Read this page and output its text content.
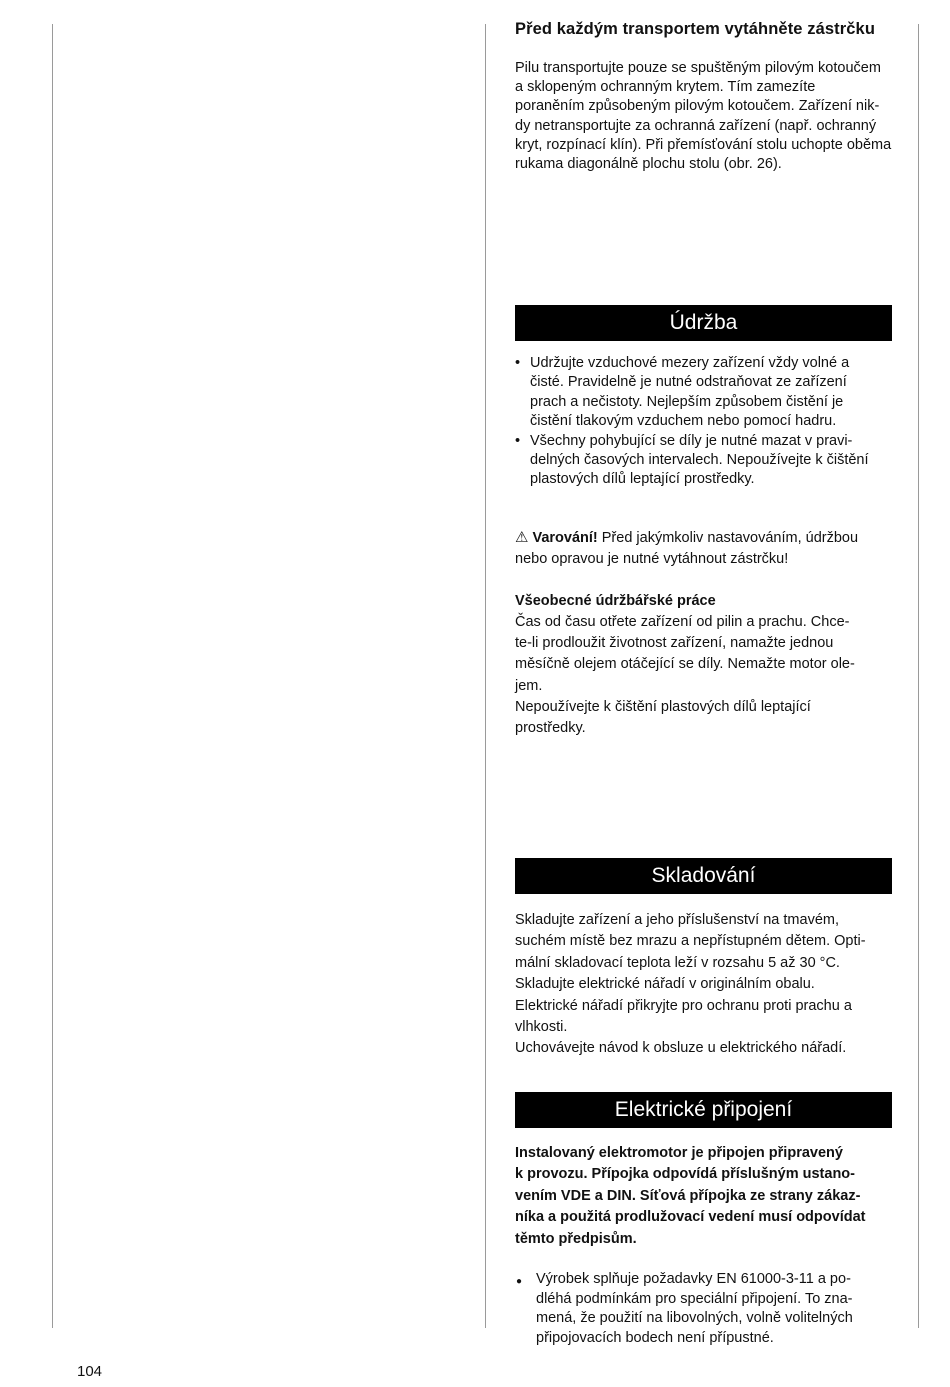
Před každým transportem vytáhněte zástrčku

Pilu transportujte pouze se spuštěným pilovým kotoučem

a sklopeným ochranným krytem. Tím zamezíte

poraněním způsobeným pilovým kotoučem. Zařízení nik-

dy netransportujte za ochranná zařízení (např. ochranný

kryt, rozpínací klín). Při přemísťování stolu uchopte oběma

rukama diagonálně plochu stolu (obr. 26).

Údržba

• Udržujte vzduchové mezery zařízení vždy volné a

čisté. Pravidelně je nutné odstraňovat ze zařízení

prach a nečistoty. Nejlepším způsobem čistění je

čistění tlakovým vzduchem nebo pomocí hadru.

• Všechny pohybující se díly je nutné mazat v pravi-

delných časových intervalech. Nepoužívejte k čištění

plastových dílů leptající prostředky.

⚠ Varování! Před jakýmkoliv nastavováním, údržbou

nebo opravou je nutné vytáhnout zástrčku!

Všeobecné údržbářské práce

Čas od času otřete zařízení od pilin a prachu. Chce-

te-li prodloužit životnost zařízení, namažte jednou

měsíčně olejem otáčející se díly. Nemažte motor ole-

jem.

Nepoužívejte k čištění plastových dílů leptající

prostředky.

Skladování

Skladujte zařízení a jeho příslušenství na tmavém,

suchém místě bez mrazu a nepřístupném dětem. Opti-

mální skladovací teplota leží v rozsahu 5 až 30 °C.

Skladujte elektrické nářadí v originálním obalu.

Elektrické nářadí přikryjte pro ochranu proti prachu a

vlhkosti.

Uchovávejte návod k obsluze u elektrického nářadí.

Elektrické připojení

Instalovaný elektromotor je připojen připravený

k provozu. Přípojka odpovídá příslušným ustano-

vením VDE a DIN. Síťová přípojka ze strany zákaz-

níka a použitá prodlužovací vedení musí odpovídat

těmto předpisům.

● Výrobek splňuje požadavky EN 61000-3-11 a po-

dléhá podmínkám pro speciální připojení. To zna-

mená, že použití na libovolných, volně volitelných

připojovacích bodech není přípustné.

104
